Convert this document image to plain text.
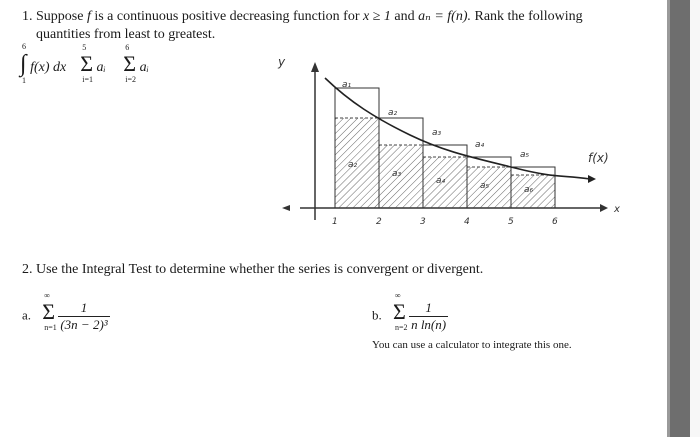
1. Suppose f is a continuous positive decreasing function for x ≥ 1 and aₙ = f(n). Rank the following
quantities from least to greatest.
∫
6
1
f(x) dx Σ
5
i=1
aᵢ Σ
6
i=2
aᵢ	y
x
f(x)
a₁
a₂
a₃
a₄
a₅
a₂
a₃
a₄	a₅	a₆
1	2	3	4	5	6
2. Use the Integral Test to determine whether the series is convergent or divergent.
a. Σ
∞
n=1
$\frac{1}{\text{(3n − 2)³}}$	b. Σ
∞
n=2
$\frac{1}{\text{n ln(n)}}$
You can use a calculator to integrate this one.
